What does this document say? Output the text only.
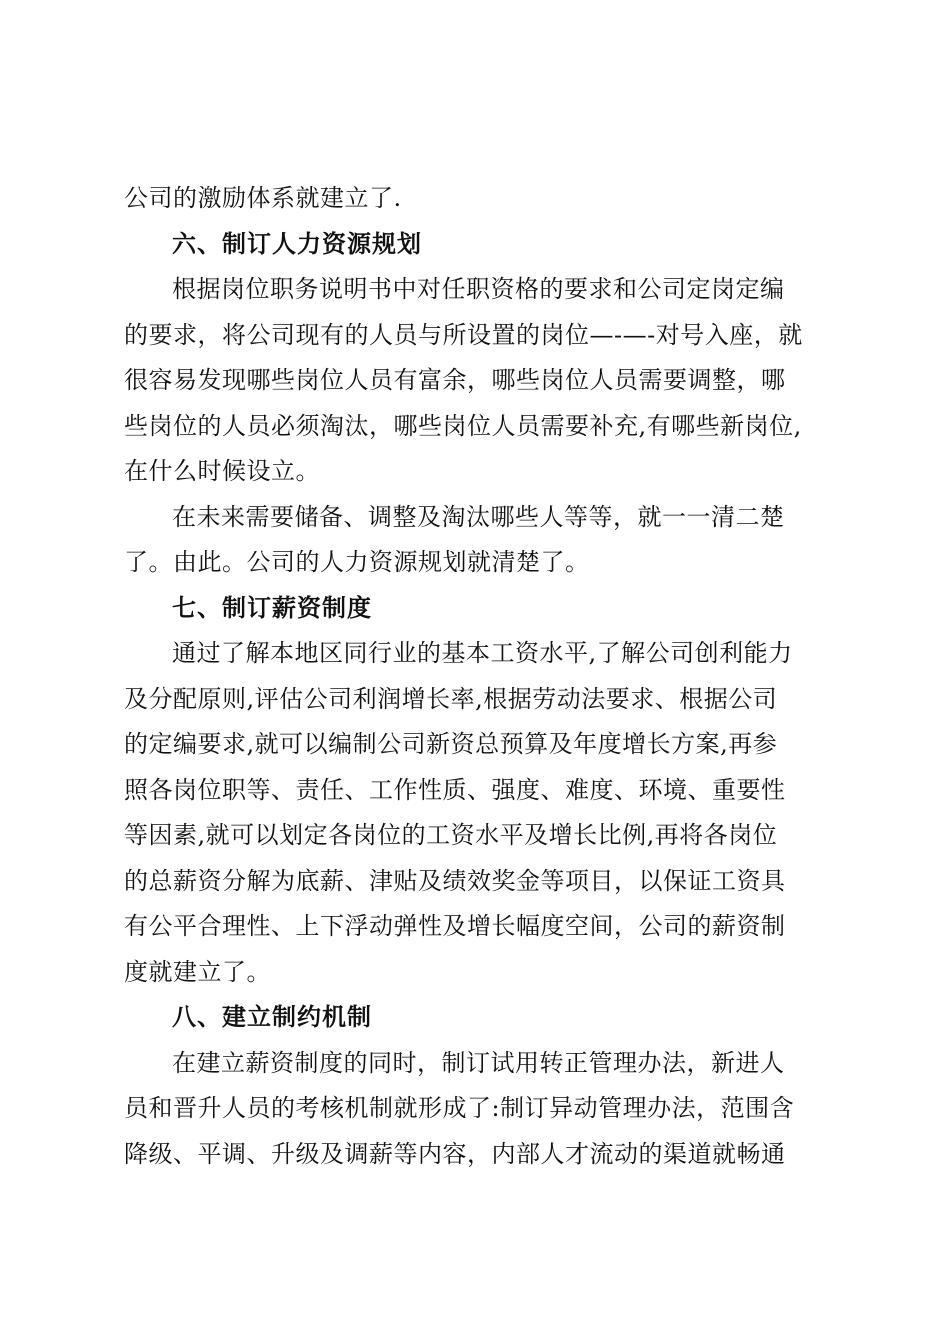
公司的激励体系就建立了.
六、制订人力资源规划
根据岗位职务说明书中对任职资格的要求和公司定岗定编
的要求，将公司现有的人员与所设置的岗位—-—-对号入座，就
很容易发现哪些岗位人员有富余，哪些岗位人员需要调整，哪
些岗位的人员必须淘汰，哪些岗位人员需要补充,有哪些新岗位,
在什么时候设立。
在未来需要储备、调整及淘汰哪些人等等，就一一清二楚
了。由此。公司的人力资源规划就清楚了。
七、制订薪资制度
通过了解本地区同行业的基本工资水平,了解公司创利能力
及分配原则,评估公司利润增长率,根据劳动法要求、根据公司
的定编要求,就可以编制公司新资总预算及年度增长方案,再参
照各岗位职等、责任、工作性质、强度、难度、环境、重要性
等因素,就可以划定各岗位的工资水平及增长比例,再将各岗位
的总薪资分解为底薪、津贴及绩效奖金等项目，以保证工资具
有公平合理性、上下浮动弹性及增长幅度空间，公司的薪资制
度就建立了。
八、建立制约机制
在建立薪资制度的同时，制订试用转正管理办法，新进人
员和晋升人员的考核机制就形成了:制订异动管理办法，范围含
降级、平调、升级及调薪等内容，内部人才流动的渠道就畅通
